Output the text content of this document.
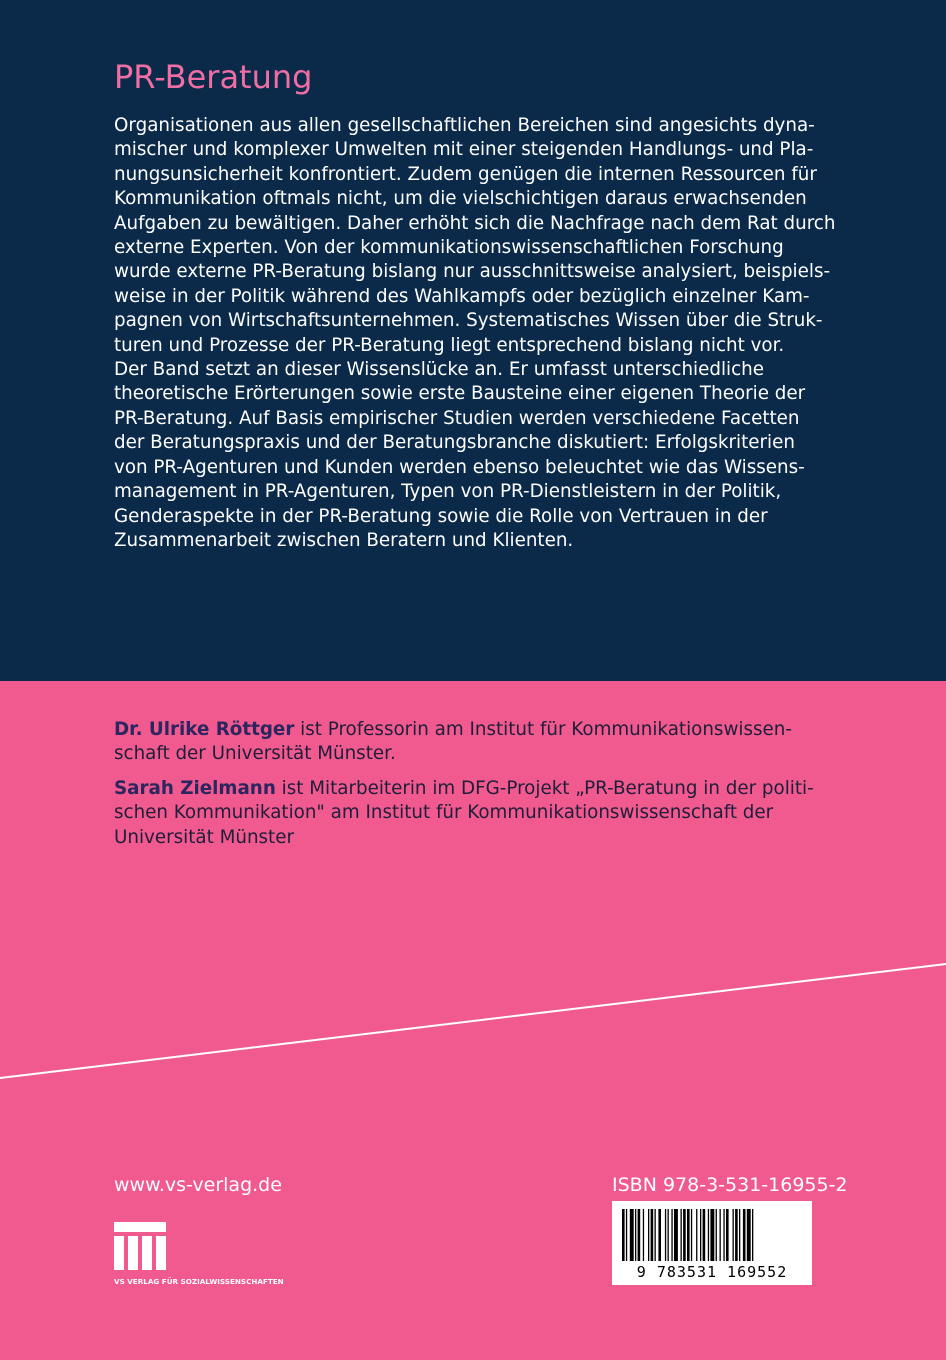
PR-Beratung

Organisationen aus allen gesellschaftlichen Bereichen sind angesichts dyna-
mischer und komplexer Umwelten mit einer steigenden Handlungs- und Pla-
nungsunsicherheit konfrontiert. Zudem genügen die internen Ressourcen für
Kommunikation oftmals nicht, um die vielschichtigen daraus erwachsenden
Aufgaben zu bewältigen. Daher erhöht sich die Nachfrage nach dem Rat durch
externe Experten. Von der kommunikationswissenschaftlichen Forschung
wurde externe PR-Beratung bislang nur ausschnittsweise analysiert, beispiels-
weise in der Politik während des Wahlkampfs oder bezüglich einzelner Kam-
pagnen von Wirtschaftsunternehmen. Systematisches Wissen über die Struk-
turen und Prozesse der PR-Beratung liegt entsprechend bislang nicht vor.
Der Band setzt an dieser Wissenslücke an. Er umfasst unterschiedliche
theoretische Erörterungen sowie erste Bausteine einer eigenen Theorie der
PR-Beratung. Auf Basis empirischer Studien werden verschiedene Facetten
der Beratungspraxis und der Beratungsbranche diskutiert: Erfolgskriterien
von PR-Agenturen und Kunden werden ebenso beleuchtet wie das Wissens-
management in PR-Agenturen, Typen von PR-Dienstleistern in der Politik,
Genderaspekte in der PR-Beratung sowie die Rolle von Vertrauen in der
Zusammenarbeit zwischen Beratern und Klienten.

Dr. Ulrike Röttger ist Professorin am Institut für Kommunikationswissen-
schaft der Universität Münster.

Sarah Zielmann ist Mitarbeiterin im DFG-Projekt „PR-Beratung in der politi-
schen Kommunikation" am Institut für Kommunikationswissenschaft der
Universität Münster

www.vs-verlag.de
VS VERLAG FÜR SOZIALWISSENSCHAFTEN
ISBN 978-3-531-16955-2
9 783531 169552
